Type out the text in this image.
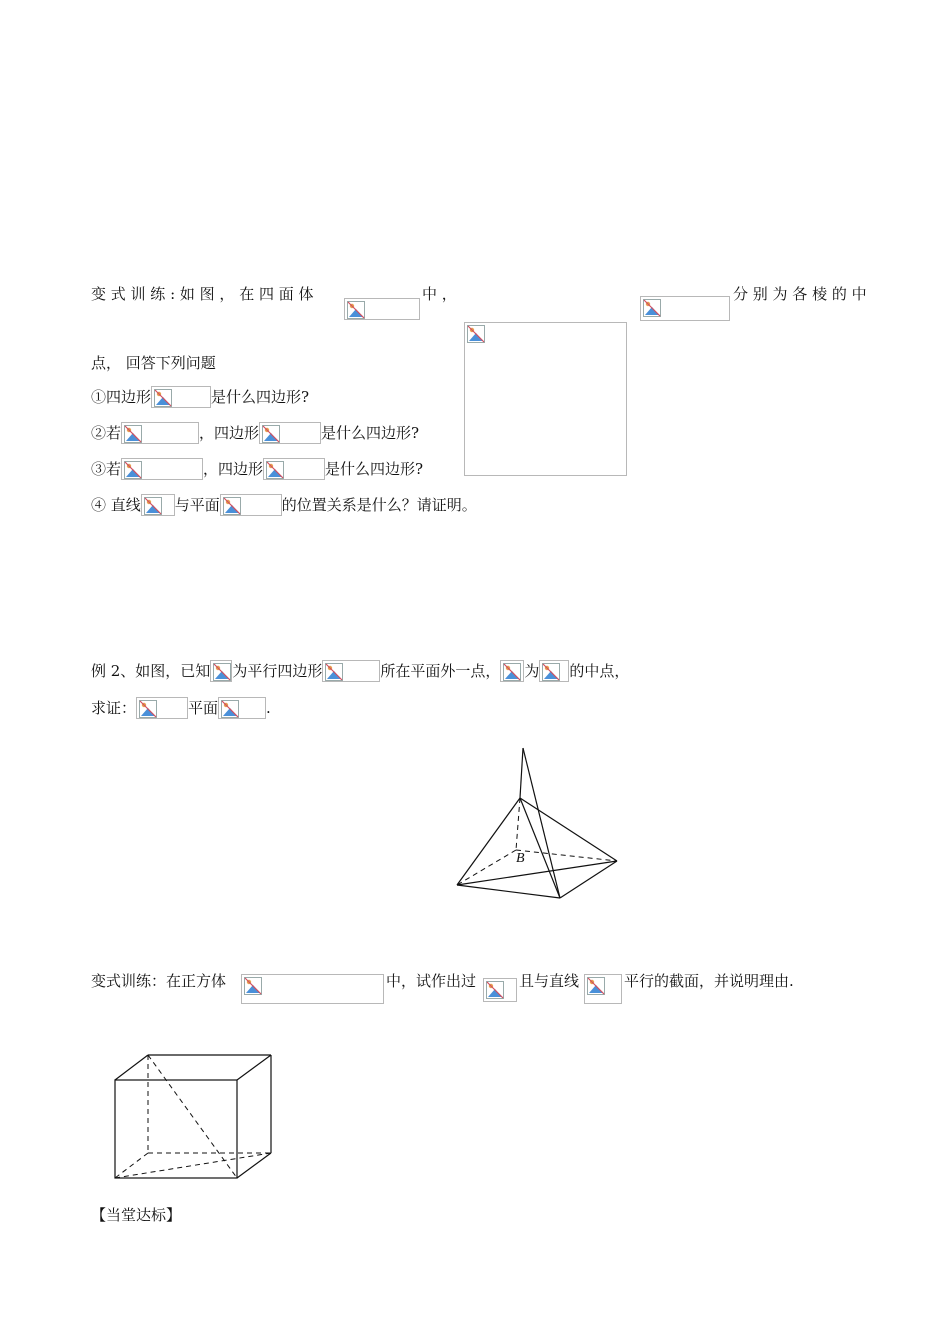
变 式 训 练 : 如 图 ， 在 四 面 体	中 ，	分 别 为 各 棱 的 中
点， 回答下列问题
①四边形	是什么四边形?
②若	，四边形	是什么四边形?
③若	，四边形	是什么四边形?
④ 直线 与平面	的位置关系是什么？请证明。
例 2、如图，已知 为平行四边形	所在平面外一点， 为 的中点，
求证：	平面	.
B
变式训练：在正方体	中，试作出过	且与直线	平行的截面，并说明理由.
【当堂达标】
